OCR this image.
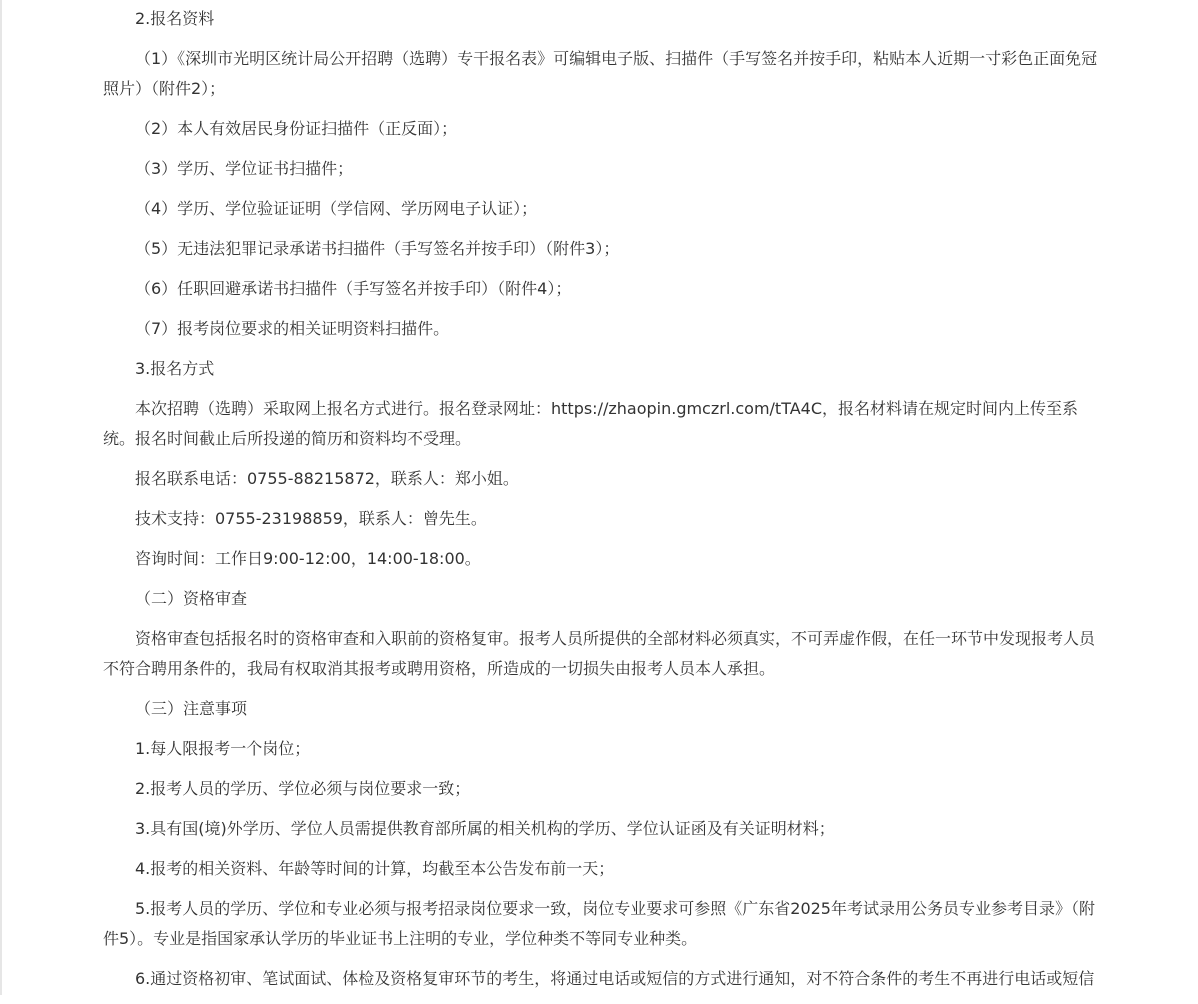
2.报名资料

（1）《深圳市光明区统计局公开招聘（选聘）专干报名表》可编辑电子版、扫描件（手写签名并按手印，粘贴本人近期一寸彩色正面免冠照片）（附件2）；

（2）本人有效居民身份证扫描件（正反面）；

（3）学历、学位证书扫描件；

（4）学历、学位验证证明（学信网、学历网电子认证）；

（5）无违法犯罪记录承诺书扫描件（手写签名并按手印）（附件3）；

（6）任职回避承诺书扫描件（手写签名并按手印）（附件4）；

（7）报考岗位要求的相关证明资料扫描件。

3.报名方式

本次招聘（选聘）采取网上报名方式进行。报名登录网址：https://zhaopin.gmczrl.com/tTA4C，报名材料请在规定时间内上传至系统。报名时间截止后所投递的简历和资料均不受理。

报名联系电话：0755-88215872，联系人：郑小姐。

技术支持：0755-23198859，联系人：曾先生。

咨询时间：工作日9:00-12:00，14:00-18:00。

（二）资格审查

资格审查包括报名时的资格审查和入职前的资格复审。报考人员所提供的全部材料必须真实，不可弄虚作假，在任一环节中发现报考人员不符合聘用条件的，我局有权取消其报考或聘用资格，所造成的一切损失由报考人员本人承担。

（三）注意事项

1.每人限报考一个岗位；

2.报考人员的学历、学位必须与岗位要求一致；

3.具有国(境)外学历、学位人员需提供教育部所属的相关机构的学历、学位认证函及有关证明材料；

4.报考的相关资料、年龄等时间的计算，均截至本公告发布前一天；

5.报考人员的学历、学位和专业必须与报考招录岗位要求一致，岗位专业要求可参照《广东省2025年考试录用公务员专业参考目录》（附件5）。专业是指国家承认学历的毕业证书上注明的专业，学位种类不等同专业种类。

6.通过资格初审、笔试面试、体检及资格复审环节的考生，将通过电话或短信的方式进行通知，对不符合条件的考生不再进行电话或短信
